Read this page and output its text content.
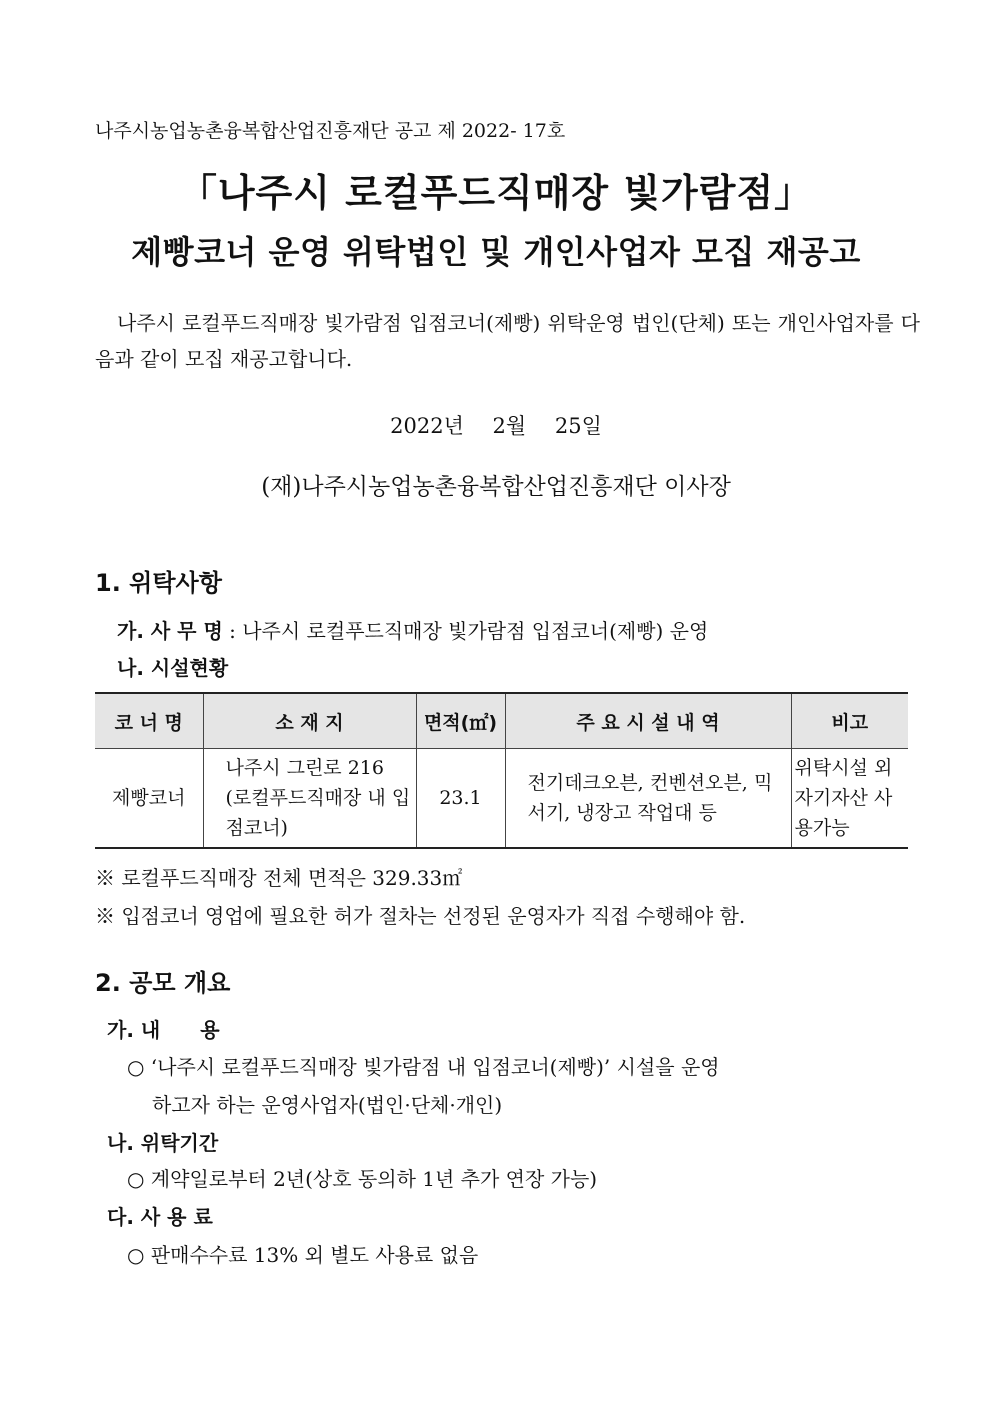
나주시농업농촌융복합산업진흥재단 공고 제 2022- 17호
「나주시 로컬푸드직매장 빛가람점」
제빵코너 운영 위탁법인 및 개인사업자 모집 재공고
나주시 로컬푸드직매장 빛가람점 입점코너(제빵) 위탁운영 법인(단체) 또는 개인사업자를 다음과 같이 모집 재공고합니다.
2022년 2월 25일
(재)나주시농업농촌융복합산업진흥재단 이사장
1. 위탁사항
가. 사 무 명 : 나주시 로컬푸드직매장 빛가람점 입점코너(제빵) 운영
나. 시설현황
코 너 명	소 재 지	면적(㎡)	주 요 시 설 내 역	비고
제빵코너	나주시 그린로 216 (로컬푸드직매장 내 입점코너)	23.1	전기데크오븐, 컨벤션오븐, 믹서기, 냉장고 작업대 등	위탁시설 외 자기자산 사용가능
※ 로컬푸드직매장 전체 면적은 329.33㎡
※ 입점코너 영업에 필요한 허가 절차는 선정된 운영자가 직접 수행해야 함.
2. 공모 개요
가. 내　　용
○ ‘나주시 로컬푸드직매장 빛가람점 내 입점코너(제빵)’ 시설을 운영
하고자 하는 운영사업자(법인·단체·개인)
나. 위탁기간
○ 계약일로부터 2년(상호 동의하 1년 추가 연장 가능)
다. 사 용 료
○ 판매수수료 13% 외 별도 사용료 없음
